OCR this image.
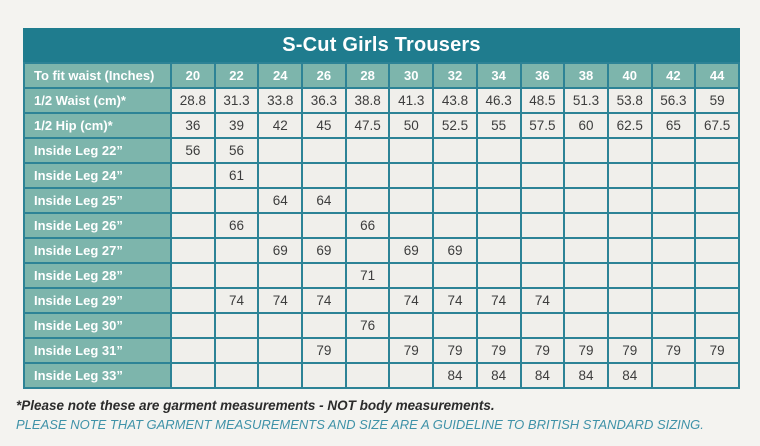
S-Cut Girls Trousers
To fit waist (Inches)	20	22	24	26	28	30	32	34	36	38	40	42	44
1/2 Waist (cm)*	28.8	31.3	33.8	36.3	38.8	41.3	43.8	46.3	48.5	51.3	53.8	56.3	59
1/2 Hip (cm)*	36	39	42	45	47.5	50	52.5	55	57.5	60	62.5	65	67.5
Inside Leg 22”	56	56											
Inside Leg 24”		61											
Inside Leg 25”			64	64									
Inside Leg 26”		66			66								
Inside Leg 27”			69	69		69	69						
Inside Leg 28”					71								
Inside Leg 29”		74	74	74		74	74	74	74				
Inside Leg 30”					76								
Inside Leg 31”				79		79	79	79	79	79	79	79	79
Inside Leg 33”							84	84	84	84	84		
*Please note these are garment measurements - NOT body measurements.
PLEASE NOTE THAT GARMENT MEASUREMENTS AND SIZE ARE A GUIDELINE TO BRITISH STANDARD SIZING.
